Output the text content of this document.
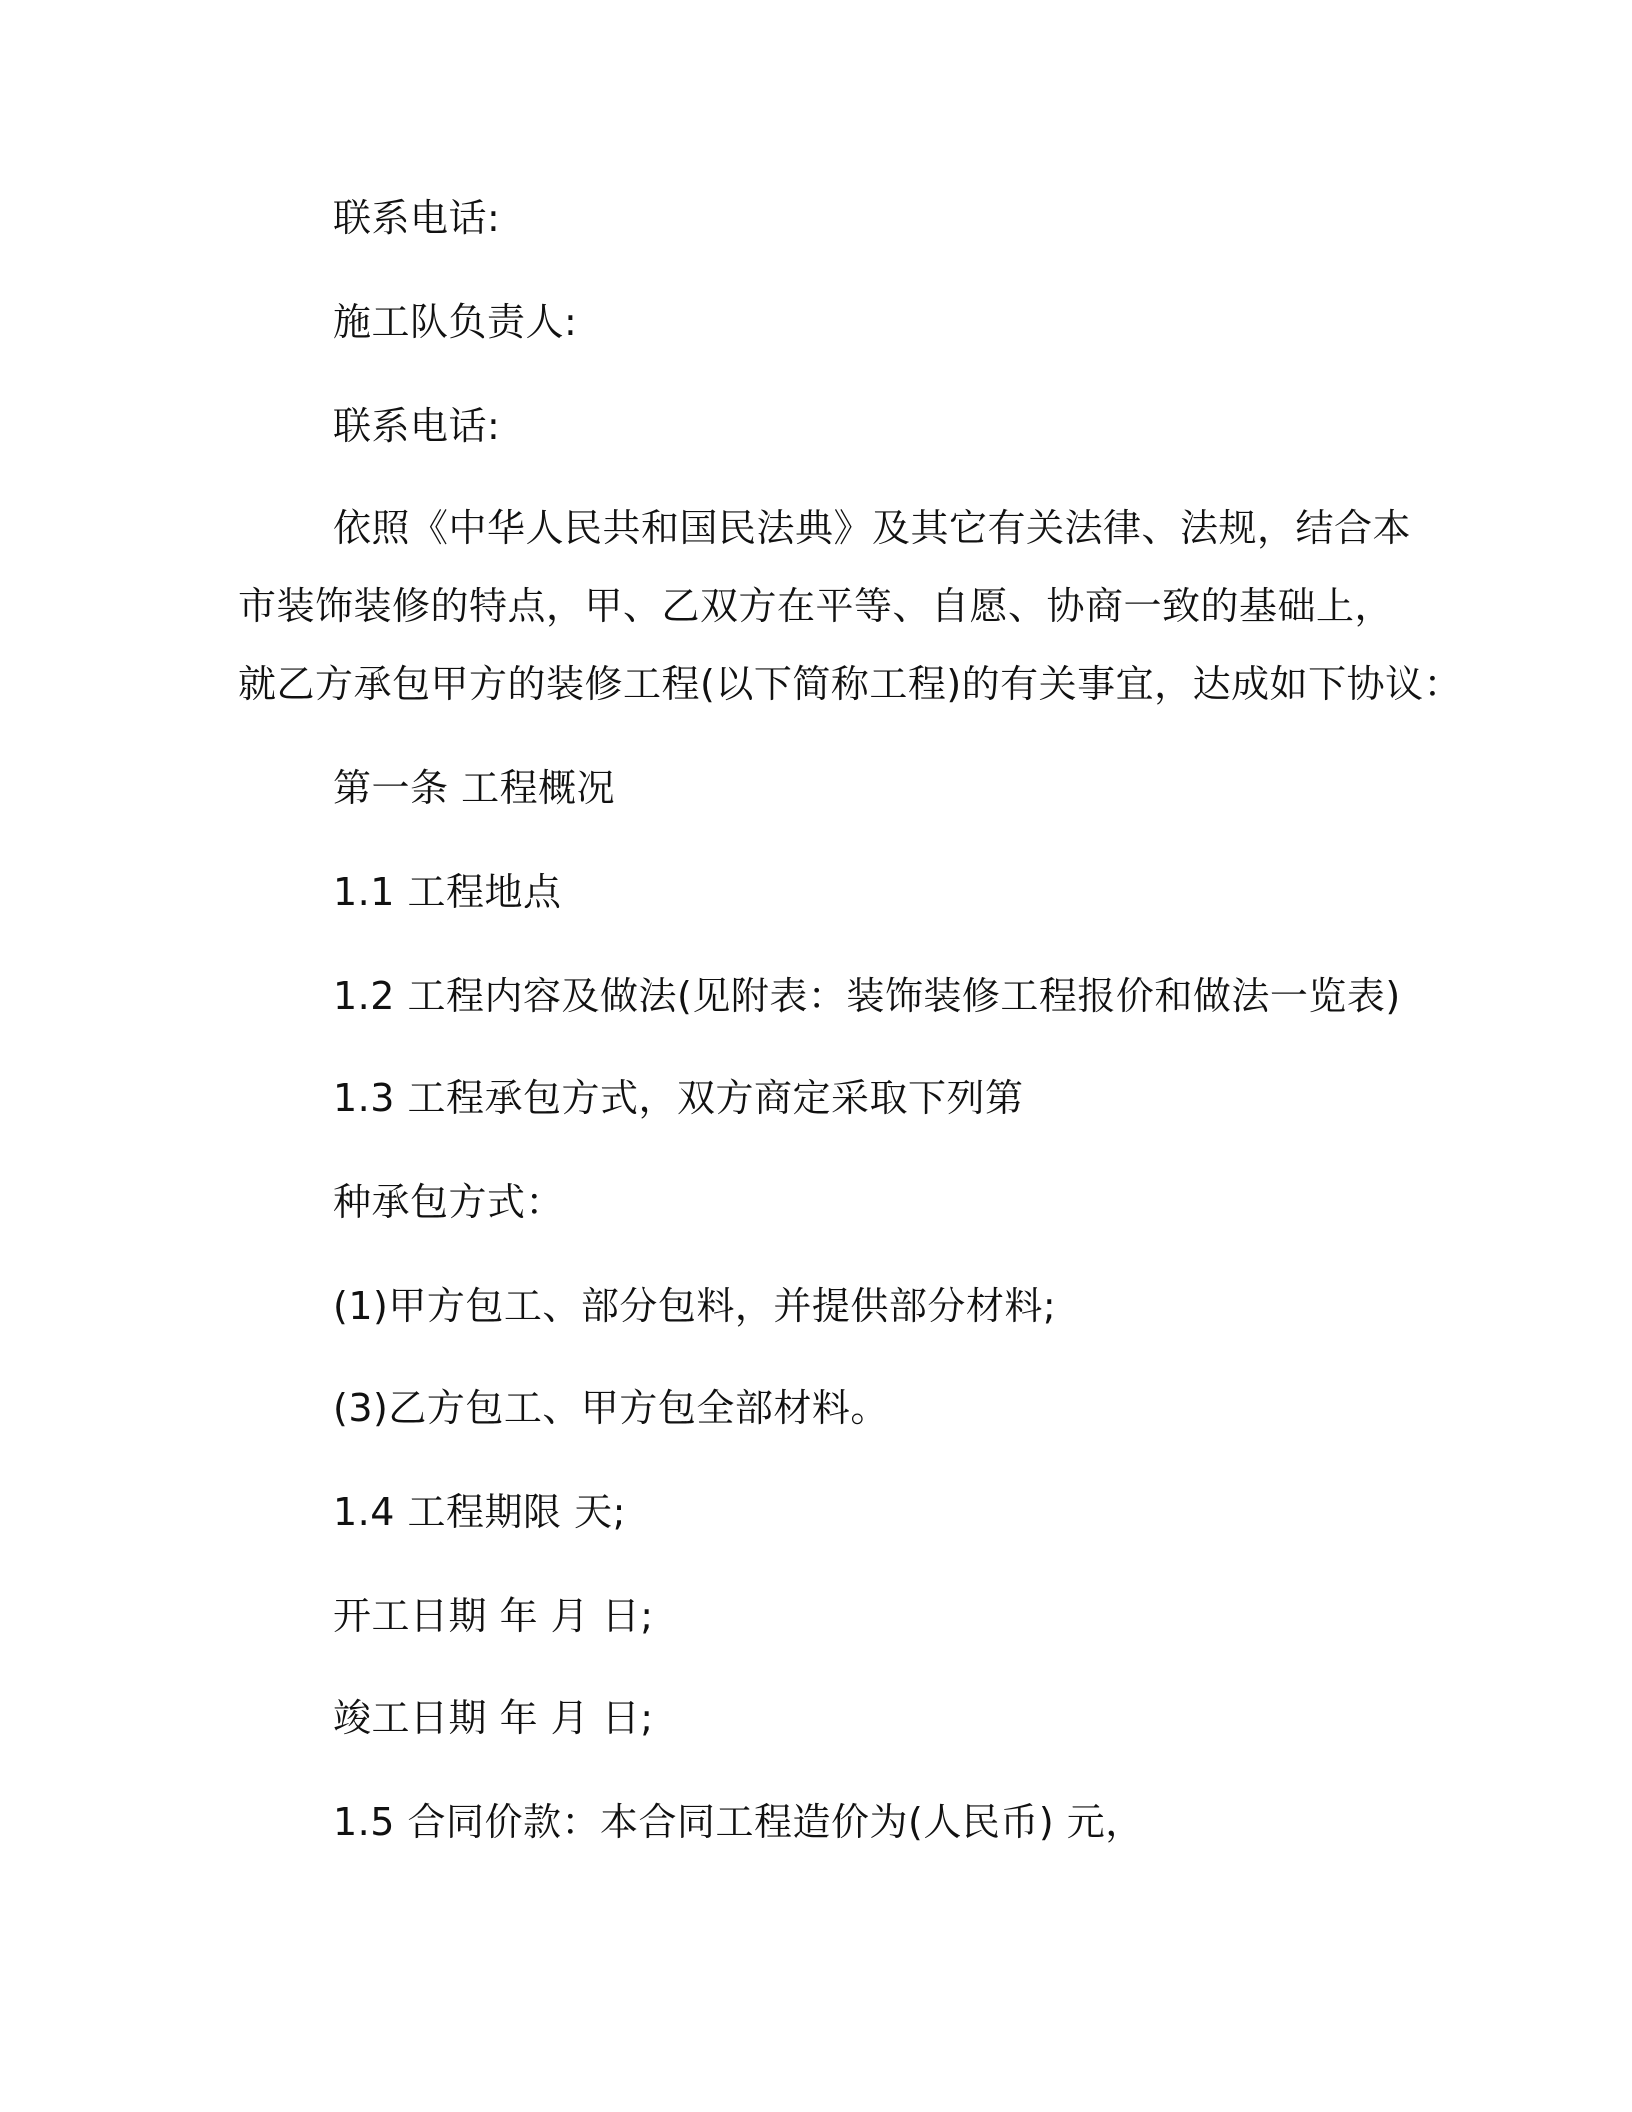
联系电话:
施工队负责人:
联系电话:
依照《中华人民共和国民法典》及其它有关法律、法规，结合本
市装饰装修的特点，甲、乙双方在平等、自愿、协商一致的基础上，
就乙方承包甲方的装修工程(以下简称工程)的有关事宜，达成如下协议：
第一条 工程概况
1.1 工程地点
1.2 工程内容及做法(见附表：装饰装修工程报价和做法一览表)
1.3 工程承包方式，双方商定采取下列第
种承包方式：
(1)甲方包工、部分包料，并提供部分材料;
(3)乙方包工、甲方包全部材料。
1.4 工程期限 天;
开工日期 年 月 日;
竣工日期 年 月 日;
1.5 合同价款：本合同工程造价为(人民币) 元，
